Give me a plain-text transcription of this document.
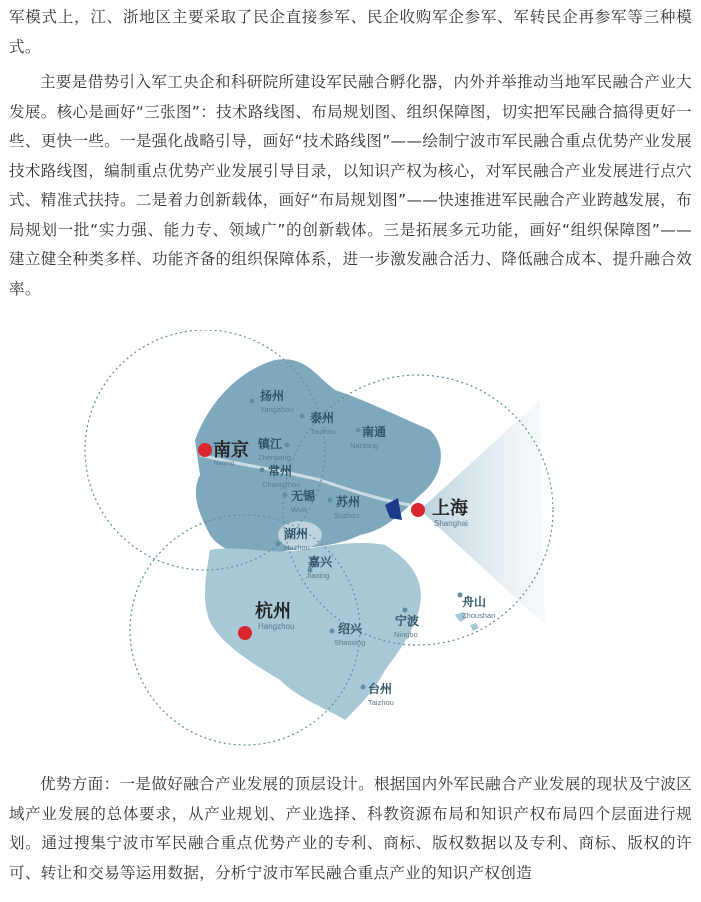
军模式上，江、浙地区主要采取了民企直接参军、民企收购军企参军、军转民企再参军等三种模式。

主要是借势引入军工央企和科研院所建设军民融合孵化器，内外并举推动当地军民融合产业大发展。核心是画好“三张图”：技术路线图、布局规划图、组织保障图，切实把军民融合搞得更好一些、更快一些。一是强化战略引导，画好“技术路线图”——绘制宁波市军民融合重点优势产业发展技术路线图，编制重点优势产业发展引导目录，以知识产权为核心，对军民融合产业发展进行点穴式、精准式扶持。二是着力创新载体，画好“布局规划图”——快速推进军民融合产业跨越发展，布局规划一批“实力强、能力专、领域广”的创新载体。三是拓展多元功能，画好“组织保障图”——建立健全种类多样、功能齐备的组织保障体系，进一步激发融合活力、降低融合成本、提升融合效率。

扬州
Yangzhou
泰州
Taizhou 南通
Nantong
南京
Nanjing
镇江
Zhenjiang
常州
Changzhou
无锡
Wuxi
苏州
Suzhou	上海
Shanghai
湖州
Huzhou
嘉兴
Jiaxing
杭州
Hangzhou	绍兴
Shaoxing
宁波
Ningbo
舟山
Zhoushan
台州
Taizhou

优势方面：一是做好融合产业发展的顶层设计。根据国内外军民融合产业发展的现状及宁波区域产业发展的总体要求，从产业规划、产业选择、科教资源布局和知识产权布局四个层面进行规划。通过搜集宁波市军民融合重点优势产业的专利、商标、版权数据以及专利、商标、版权的许可、转让和交易等运用数据，分析宁波市军民融合重点产业的知识产权创造
